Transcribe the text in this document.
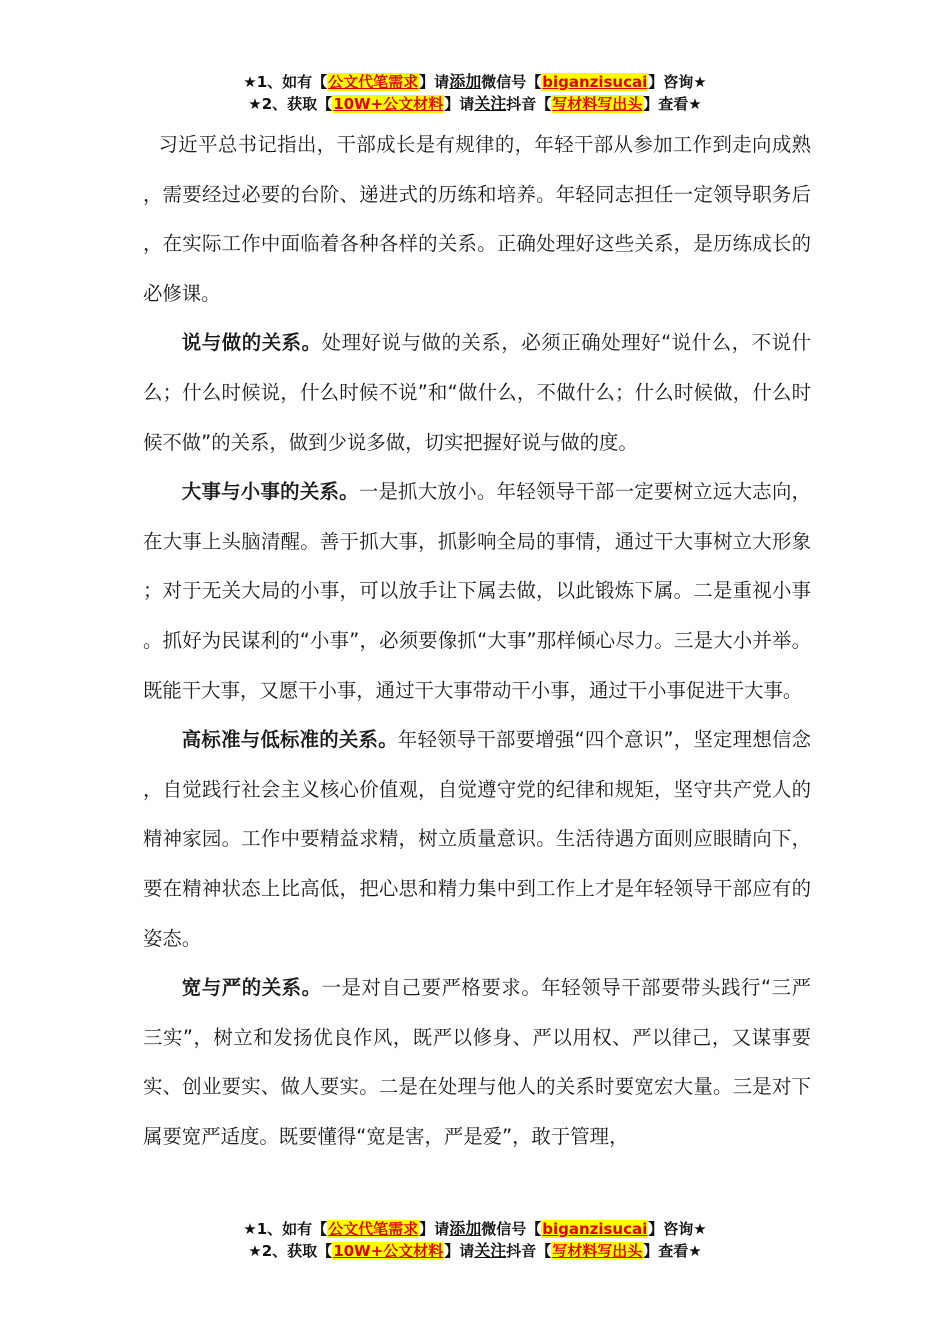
★1、如有【公文代笔需求】请添加微信号【biganzisucai】咨询★
★2、获取【10W+公文材料】请关注抖音【写材料写出头】查看★

习近平总书记指出，干部成长是有规律的，年轻干部从参加工作到走向成熟，需要经过必要的台阶、递进式的历练和培养。年轻同志担任一定领导职务后，在实际工作中面临着各种各样的关系。正确处理好这些关系，是历练成长的必修课。

说与做的关系。处理好说与做的关系，必须正确处理好“说什么，不说什么；什么时候说，什么时候不说”和“做什么，不做什么；什么时候做，什么时候不做”的关系，做到少说多做，切实把握好说与做的度。

大事与小事的关系。一是抓大放小。年轻领导干部一定要树立远大志向，在大事上头脑清醒。善于抓大事，抓影响全局的事情，通过干大事树立大形象；对于无关大局的小事，可以放手让下属去做，以此锻炼下属。二是重视小事。抓好为民谋利的“小事”，必须要像抓“大事”那样倾心尽力。三是大小并举。既能干大事，又愿干小事，通过干大事带动干小事，通过干小事促进干大事。

高标准与低标准的关系。年轻领导干部要增强“四个意识”，坚定理想信念，自觉践行社会主义核心价值观，自觉遵守党的纪律和规矩，坚守共产党人的精神家园。工作中要精益求精，树立质量意识。生活待遇方面则应眼睛向下，要在精神状态上比高低，把心思和精力集中到工作上才是年轻领导干部应有的姿态。

宽与严的关系。一是对自己要严格要求。年轻领导干部要带头践行“三严三实”，树立和发扬优良作风，既严以修身、严以用权、严以律己，又谋事要实、创业要实、做人要实。二是在处理与他人的关系时要宽宏大量。三是对下属要宽严适度。既要懂得“宽是害，严是爱”，敢于管理，

★1、如有【公文代笔需求】请添加微信号【biganzisucai】咨询★
★2、获取【10W+公文材料】请关注抖音【写材料写出头】查看★
